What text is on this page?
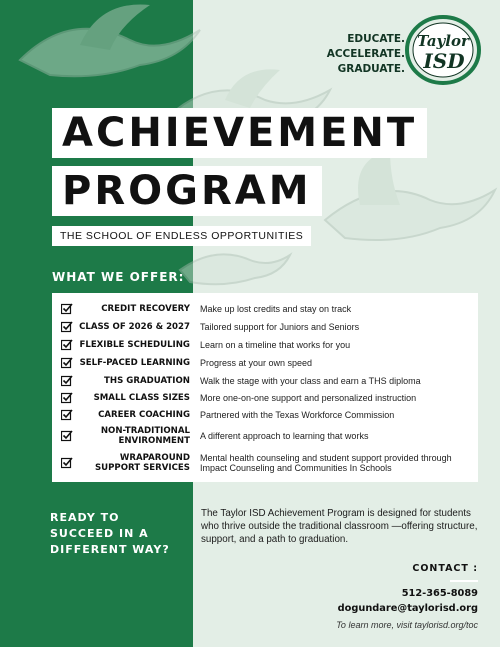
EDUCATE.
ACCELERATE.
GRADUATE.
Taylor
ISD
ACHIEVEMENT
PROGRAM
THE SCHOOL OF ENDLESS OPPORTUNITIES
WHAT WE OFFER:
CREDIT RECOVERY Make up lost credits and stay on track
CLASS OF 2026 & 2027 Tailored support for Juniors and Seniors
FLEXIBLE SCHEDULING Learn on a timeline that works for you
SELF-PACED LEARNING Progress at your own speed
THS GRADUATION Walk the stage with your class and earn a THS diploma
SMALL CLASS SIZES More one-on-one support and personalized instruction
CAREER COACHING Partnered with the Texas Workforce Commission
NON-TRADITIONAL ENVIRONMENT A different approach to learning that works
WRAPAROUND SUPPORT SERVICES
Mental health counseling and student support provided through Impact Counseling and Communities In Schools
READY TO
SUCCEED IN A
DIFFERENT WAY?
The Taylor ISD Achievement Program is designed for students who thrive outside the traditional classroom —offering structure, support, and a path to graduation.
CONTACT :
512-365-8089
dogundare@taylorisd.org
To learn more, visit taylorisd.org/toc
